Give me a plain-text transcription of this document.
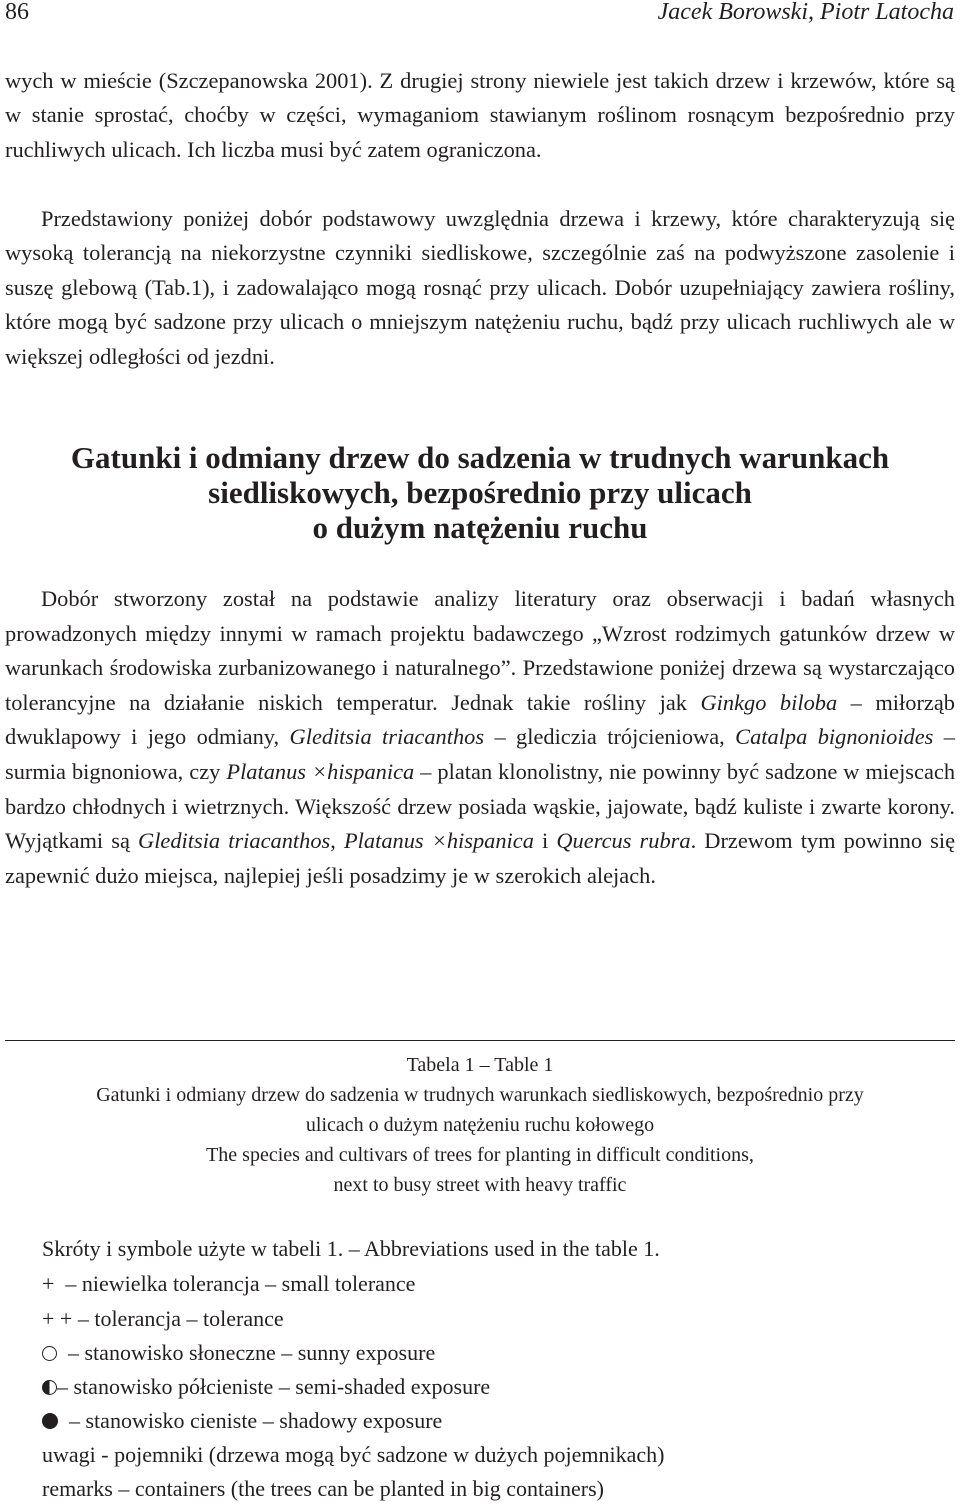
86	Jacek Borowski, Piotr Latocha

wych w mieście (Szczepanowska 2001). Z drugiej strony niewiele jest takich drzew i krzewów, które są w stanie sprostać, choćby w części, wymaganiom stawianym roślinom rosnącym bezpośrednio przy ruchliwych ulicach. Ich liczba musi być zatem ograniczona.

Przedstawiony poniżej dobór podstawowy uwzględnia drzewa i krzewy, które charakteryzują się wysoką tolerancją na niekorzystne czynniki siedliskowe, szczególnie zaś na podwyższone zasolenie i suszę glebową (Tab.1), i zadowalająco mogą rosnąć przy ulicach. Dobór uzupełniający zawiera rośliny, które mogą być sadzone przy ulicach o mniejszym natężeniu ruchu, bądź przy ulicach ruchliwych ale w większej odległości od jezdni.

Gatunki i odmiany drzew do sadzenia w trudnych warunkach
siedliskowych, bezpośrednio przy ulicach
o dużym natężeniu ruchu

Dobór stworzony został na podstawie analizy literatury oraz obserwacji i badań własnych prowadzonych między innymi w ramach projektu badawczego „Wzrost rodzimych gatunków drzew w warunkach środowiska zurbanizowanego i naturalnego”. Przedstawione poniżej drzewa są wystarczająco tolerancyjne na działanie niskich temperatur. Jednak takie rośliny jak Ginkgo biloba – miłorząb dwuklapowy i jego odmiany, Gleditsia triacanthos – glediczia trójcieniowa, Catalpa bignonioides – surmia bignoniowa, czy Platanus ×hispanica – platan klonolistny, nie powinny być sadzone w miejscach bardzo chłodnych i wietrznych. Większość drzew posiada wąskie, jajowate, bądź kuliste i zwarte korony. Wyjątkami są Gleditsia triacanthos, Platanus ×hispanica i Quercus rubra. Drzewom tym powinno się zapewnić dużo miejsca, najlepiej jeśli posadzimy je w szerokich alejach.

Tabela 1 – Table 1
Gatunki i odmiany drzew do sadzenia w trudnych warunkach siedliskowych, bezpośrednio przy
ulicach o dużym natężeniu ruchu kołowego
The species and cultivars of trees for planting in difficult conditions,
next to busy street with heavy traffic
Skróty i symbole użyte w tabeli 1. – Abbreviations used in the table 1.
+ – niewielka tolerancja – small tolerance
+ + – tolerancja – tolerance
– stanowisko słoneczne – sunny exposure
– stanowisko półcieniste – semi-shaded exposure
– stanowisko cieniste – shadowy exposure
uwagi - pojemniki (drzewa mogą być sadzone w dużych pojemnikach)
remarks – containers (the trees can be planted in big containers)
